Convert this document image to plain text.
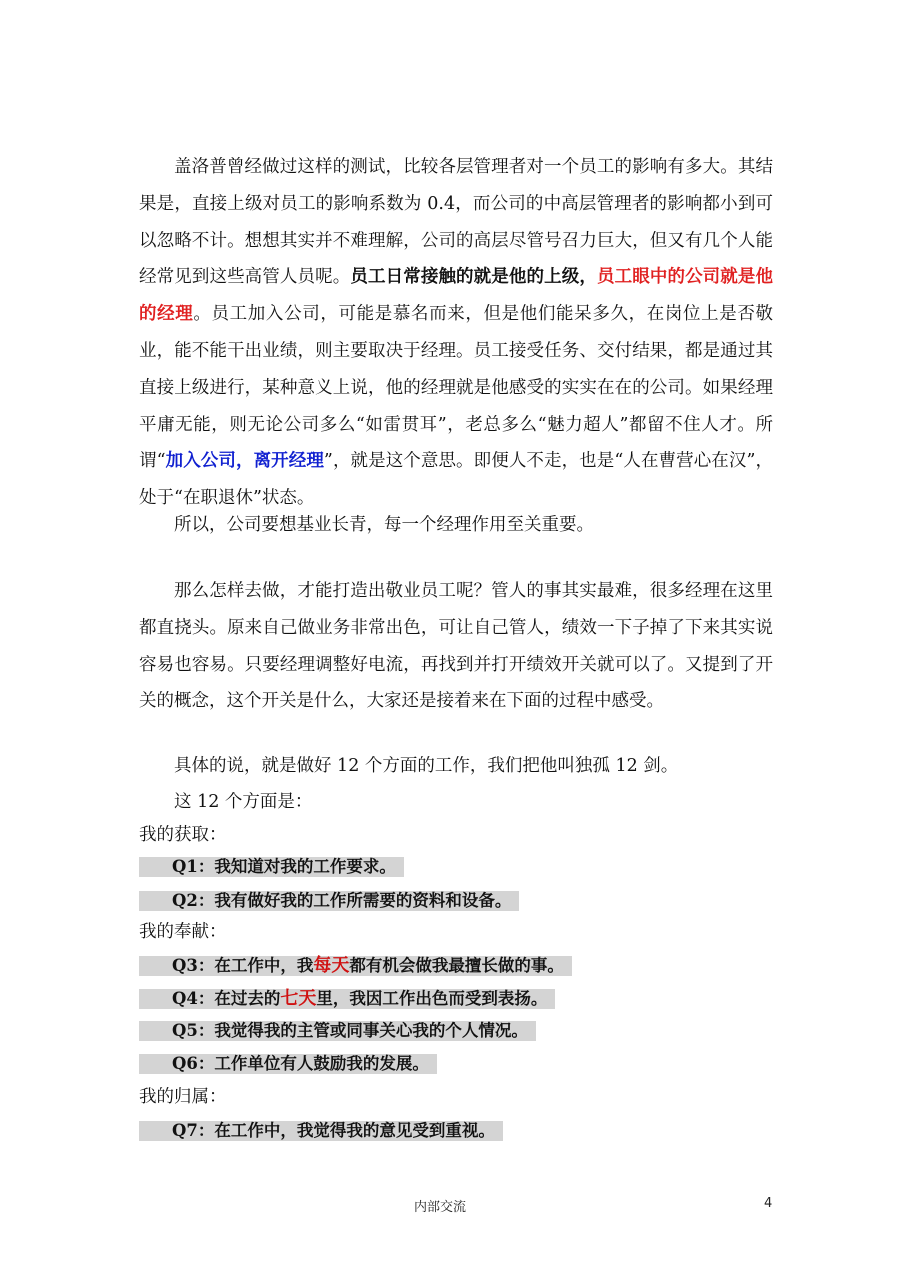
盖洛普曾经做过这样的测试，比较各层管理者对一个员工的影响有多大。其结果是，直接上级对员工的影响系数为 0.4，而公司的中高层管理者的影响都小到可以忽略不计。想想其实并不难理解，公司的高层尽管号召力巨大，但又有几个人能经常见到这些高管人员呢。员工日常接触的就是他的上级，员工眼中的公司就是他的经理。员工加入公司，可能是慕名而来，但是他们能呆多久，在岗位上是否敬业，能不能干出业绩，则主要取决于经理。员工接受任务、交付结果，都是通过其直接上级进行，某种意义上说，他的经理就是他感受的实实在在的公司。如果经理平庸无能，则无论公司多么“如雷贯耳”，老总多么“魅力超人”都留不住人才。所谓“加入公司，离开经理”，就是这个意思。即便人不走，也是“人在曹营心在汉”，处于“在职退休”状态。

所以，公司要想基业长青，每一个经理作用至关重要。

那么怎样去做，才能打造出敬业员工呢？管人的事其实最难，很多经理在这里都直挠头。原来自己做业务非常出色，可让自己管人，绩效一下子掉了下来其实说容易也容易。只要经理调整好电流，再找到并打开绩效开关就可以了。又提到了开关的概念，这个开关是什么，大家还是接着来在下面的过程中感受。

具体的说，就是做好 12 个方面的工作，我们把他叫独孤 12 剑。
这 12 个方面是：
我的获取：
Q1：我知道对我的工作要求。
Q2：我有做好我的工作所需要的资料和设备。
我的奉献：
Q3：在工作中，我每天都有机会做我最擅长做的事。
Q4：在过去的七天里，我因工作出色而受到表扬。
Q5：我觉得我的主管或同事关心我的个人情况。
Q6：工作单位有人鼓励我的发展。
我的归属：
Q7：在工作中，我觉得我的意见受到重视。
内部交流	4
